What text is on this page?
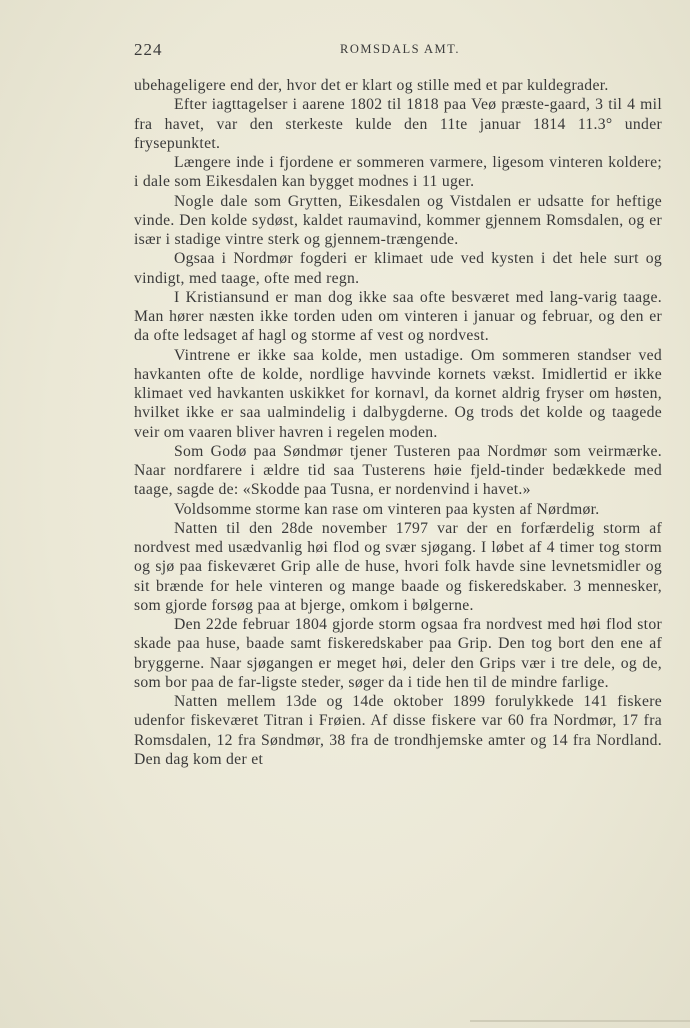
224	ROMSDALS AMT.

ubehageligere end der, hvor det er klart og stille med et par kuldegrader.

Efter iagttagelser i aarene 1802 til 1818 paa Veø præste-gaard, 3 til 4 mil fra havet, var den sterkeste kulde den 11te januar 1814 11.3° under frysepunktet.

Længere inde i fjordene er sommeren varmere, ligesom vinteren koldere; i dale som Eikesdalen kan bygget modnes i 11 uger.

Nogle dale som Grytten, Eikesdalen og Vistdalen er udsatte for heftige vinde. Den kolde sydøst, kaldet raumavind, kommer gjennem Romsdalen, og er især i stadige vintre sterk og gjennem-trængende.

Ogsaa i Nordmør fogderi er klimaet ude ved kysten i det hele surt og vindigt, med taage, ofte med regn.

I Kristiansund er man dog ikke saa ofte besværet med lang-varig taage. Man hører næsten ikke torden uden om vinteren i januar og februar, og den er da ofte ledsaget af hagl og storme af vest og nordvest.

Vintrene er ikke saa kolde, men ustadige. Om sommeren standser ved havkanten ofte de kolde, nordlige havvinde kornets vækst. Imidlertid er ikke klimaet ved havkanten uskikket for kornavl, da kornet aldrig fryser om høsten, hvilket ikke er saa ualmindelig i dalbygderne. Og trods det kolde og taagede veir om vaaren bliver havren i regelen moden.

Som Godø paa Søndmør tjener Tusteren paa Nordmør som veirmærke. Naar nordfarere i ældre tid saa Tusterens høie fjeld-tinder bedækkede med taage, sagde de: «Skodde paa Tusna, er nordenvind i havet.»

Voldsomme storme kan rase om vinteren paa kysten af Nørdmør.

Natten til den 28de november 1797 var der en forfærdelig storm af nordvest med usædvanlig høi flod og svær sjøgang. I løbet af 4 timer tog storm og sjø paa fiskeværet Grip alle de huse, hvori folk havde sine levnetsmidler og sit brænde for hele vinteren og mange baade og fiskeredskaber. 3 mennesker, som gjorde forsøg paa at bjerge, omkom i bølgerne.

Den 22de februar 1804 gjorde storm ogsaa fra nordvest med høi flod stor skade paa huse, baade samt fiskeredskaber paa Grip. Den tog bort den ene af bryggerne. Naar sjøgangen er meget høi, deler den Grips vær i tre dele, og de, som bor paa de far-ligste steder, søger da i tide hen til de mindre farlige.

Natten mellem 13de og 14de oktober 1899 forulykkede 141 fiskere udenfor fiskeværet Titran i Frøien. Af disse fiskere var 60 fra Nordmør, 17 fra Romsdalen, 12 fra Søndmør, 38 fra de trondhjemske amter og 14 fra Nordland. Den dag kom der et
